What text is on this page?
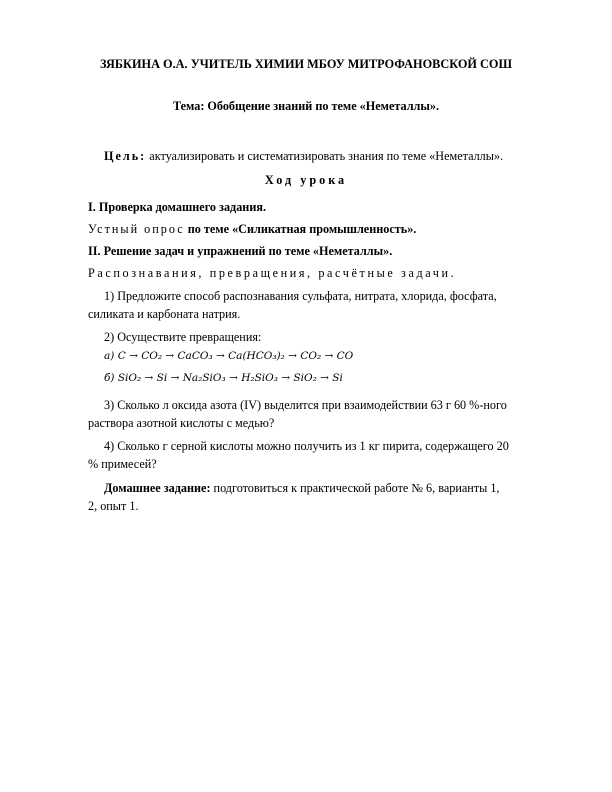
ЗЯБКИНА О.А. УЧИТЕЛЬ ХИМИИ МБОУ МИТРОФАНОВСКОЙ СОШ
Тема: Обобщение знаний по теме «Неметаллы».
Цель: актуализировать и систематизировать знания по теме «Неметаллы».
Ход урока
I. Проверка домашнего задания.
Устный опрос по теме «Силикатная промышленность».
II. Решение задач и упражнений по теме «Неметаллы».
Распознавания, превращения, расчётные задачи.
1) Предложите способ распознавания сульфата, нитрата, хлорида, фосфата,
силиката и карбоната натрия.
2) Осуществите превращения:
а) C → CO₂ → CaCO₃ → Ca(HCO₃)₂ → CO₂ → CO
б) SiO₂ → Si → Na₂SiO₃ → H₂SiO₃ → SiO₂ → Si
3) Сколько л оксида азота (IV) выделится при взаимодействии 63 г 60 %-ного
раствора азотной кислоты с медью?
4) Сколько г серной кислоты можно получить из 1 кг пирита, содержащего 20
% примесей?
Домашнее задание: подготовиться к практической работе № 6, варианты 1,
2, опыт 1.
